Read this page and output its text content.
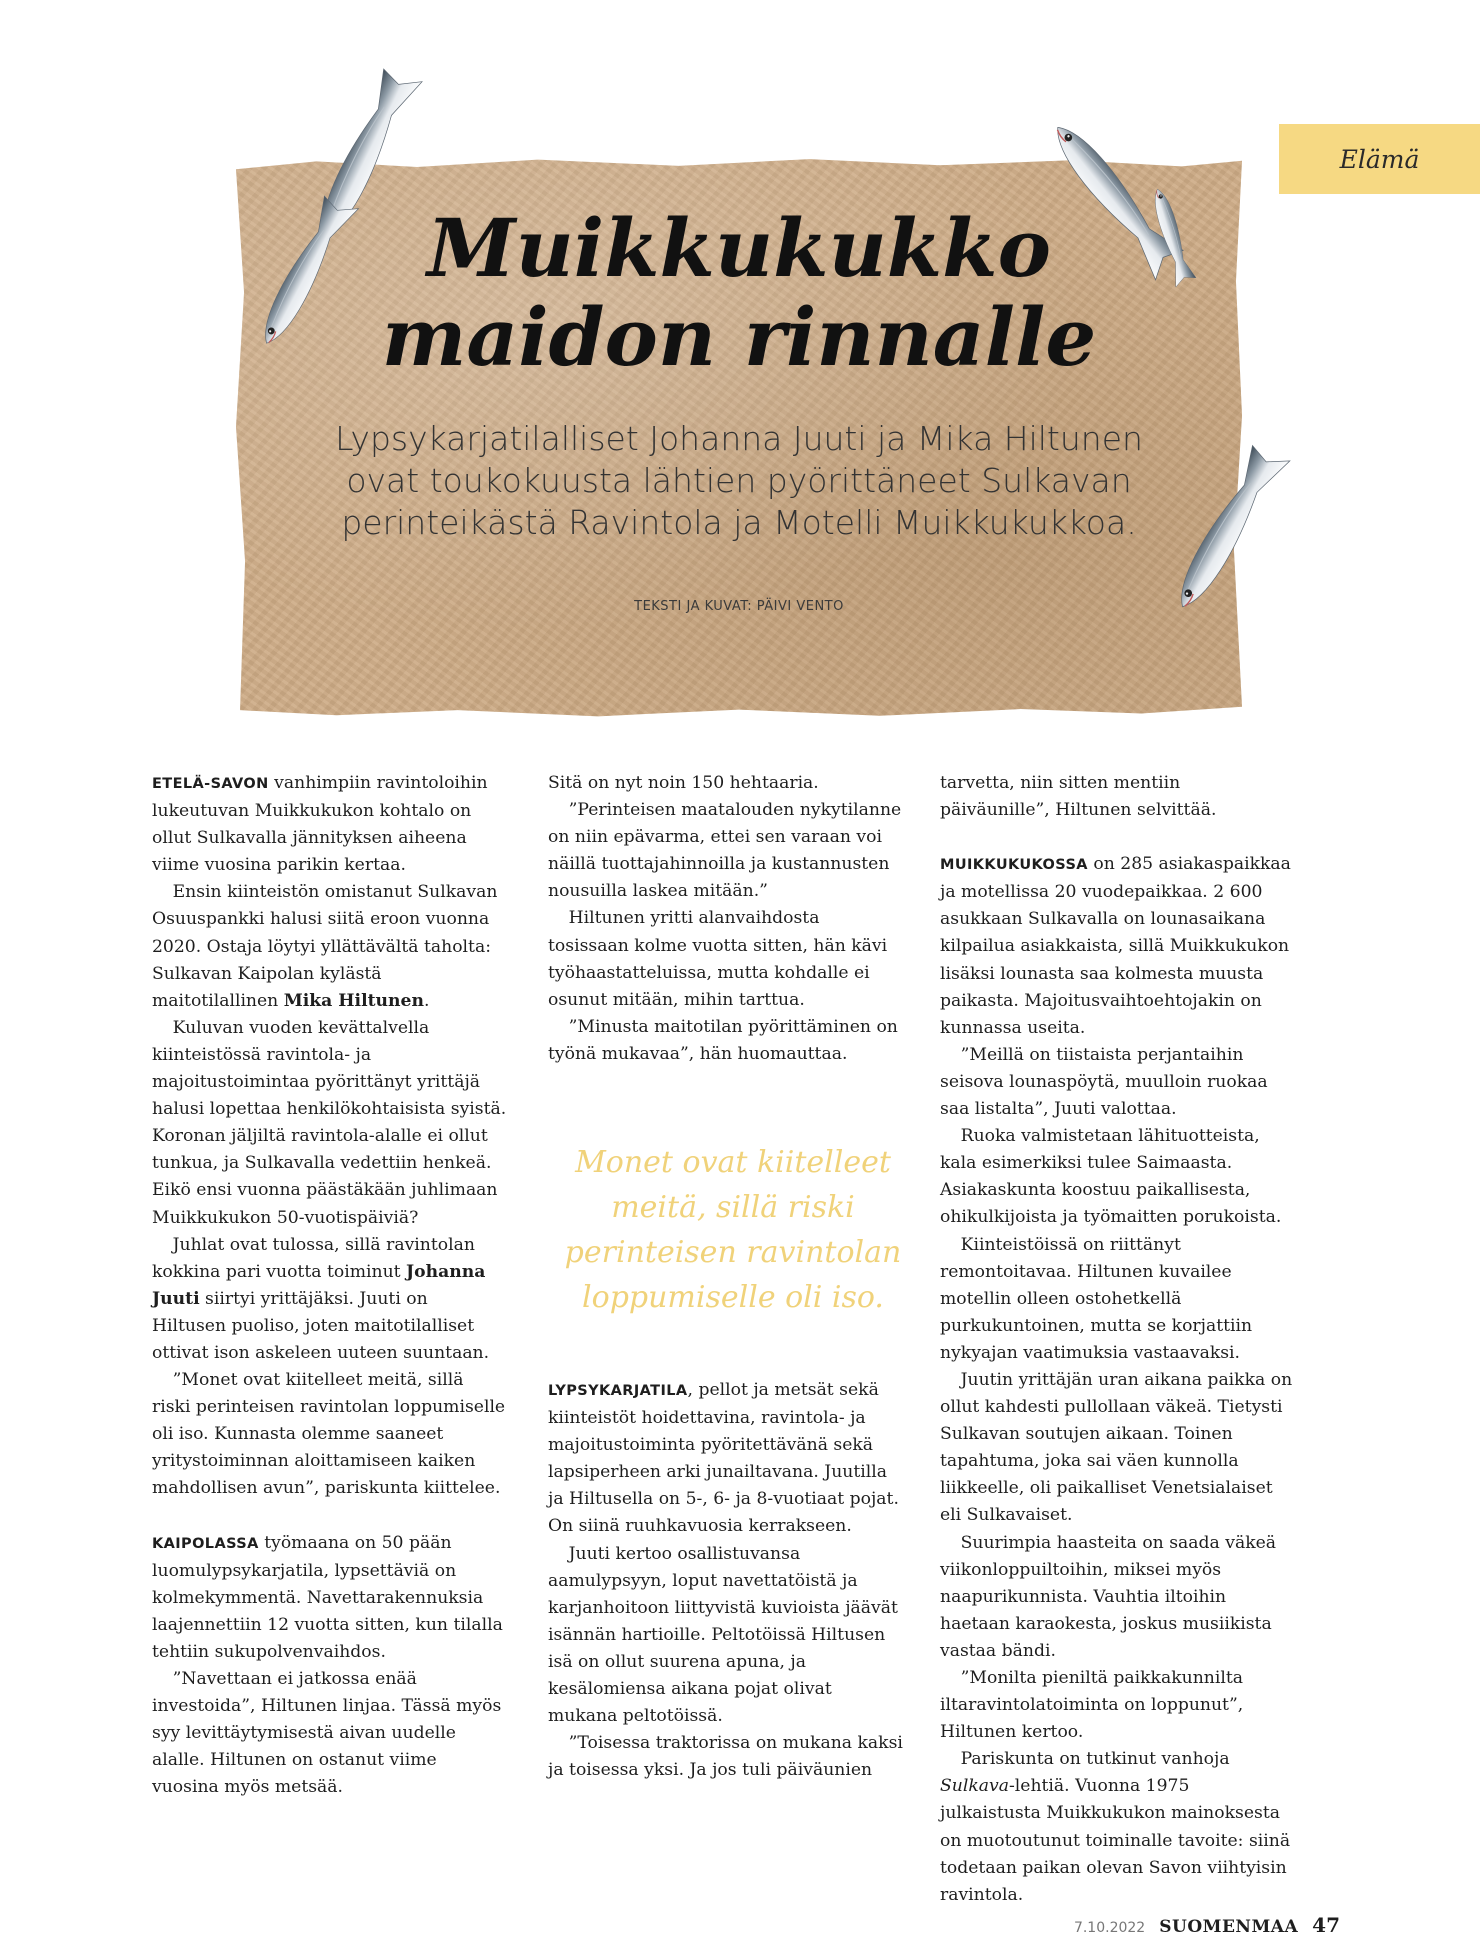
Elämä
Muikkukukko
maidon rinnalle

Lypsykarjatilalliset Johanna Juuti ja Mika Hiltunen
ovat toukokuusta lähtien pyörittäneet Sulkavan
perinteikästä Ravintola ja Motelli Muikkukukkoa.

TEKSTI JA KUVAT: PÄIVI VENTO

ETELÄ-SAVON vanhimpiin ravintoloihin lukeutuvan Muikkukukon kohtalo on ollut Sulkavalla jännityksen aiheena viime vuosina parikin kertaa.

Ensin kiinteistön omistanut Sulkavan Osuuspankki halusi siitä eroon vuonna 2020. Ostaja löytyi yllättävältä taholta: Sulkavan Kaipolan kylästä maitotilallinen Mika Hiltunen.

Kuluvan vuoden kevättalvella kiinteistössä ravintola- ja majoitustoimintaa pyörittänyt yrittäjä halusi lopettaa henkilökohtaisista syistä. Koronan jäljiltä ravintola-alalle ei ollut tunkua, ja Sulkavalla vedettiin henkeä. Eikö ensi vuonna päästäkään juhlimaan Muikkukukon 50-vuotispäiviä?

Juhlat ovat tulossa, sillä ravintolan kokkina pari vuotta toiminut Johanna Juuti siirtyi yrittäjäksi. Juuti on Hiltusen puoliso, joten maitotilalliset ottivat ison askeleen uuteen suuntaan.

”Monet ovat kiitelleet meitä, sillä riski perinteisen ravintolan loppumiselle oli iso. Kunnasta olemme saaneet yritystoiminnan aloittamiseen kaiken mahdollisen avun”, pariskunta kiittelee.

KAIPOLASSA työmaana on 50 pään luomulypsykarjatila, lypsettäviä on kolmekymmentä. Navettarakennuksia laajennettiin 12 vuotta sitten, kun tilalla tehtiin sukupolvenvaihdos.

”Navettaan ei jatkossa enää investoida”, Hiltunen linjaa. Tässä myös syy levittäytymisestä aivan uudelle alalle. Hiltunen on ostanut viime vuosina myös metsää.

Sitä on nyt noin 150 hehtaaria.

”Perinteisen maatalouden nykytilanne on niin epävarma, ettei sen varaan voi näillä tuottajahinnoilla ja kustannusten nousuilla laskea mitään.”

Hiltunen yritti alanvaihdosta tosissaan kolme vuotta sitten, hän kävi työhaastatteluissa, mutta kohdalle ei osunut mitään, mihin tarttua.

”Minusta maitotilan pyörittäminen on työnä mukavaa”, hän huomauttaa.

Monet ovat kiitelleet
meitä, sillä riski
perinteisen ravintolan
loppumiselle oli iso.

LYPSYKARJATILA, pellot ja metsät sekä kiinteistöt hoidettavina, ravintola- ja majoitustoiminta pyöritettävänä sekä lapsiperheen arki junailtavana. Juutilla ja Hiltusella on 5-, 6- ja 8-vuotiaat pojat. On siinä ruuhkavuosia kerrakseen.

Juuti kertoo osallistuvansa aamulypsyyn, loput navettatöistä ja karjanhoitoon liittyvistä kuvioista jäävät isännän hartioille. Peltotöissä Hiltusen isä on ollut suurena apuna, ja kesälomiensa aikana pojat olivat mukana peltotöissä.

”Toisessa traktorissa on mukana kaksi ja toisessa yksi. Ja jos tuli päiväunien

tarvetta, niin sitten mentiin päiväunille”, Hiltunen selvittää.

MUIKKUKUKOSSA on 285 asiakaspaikkaa ja motellissa 20 vuodepaikkaa. 2 600 asukkaan Sulkavalla on lounasaikana kilpailua asiakkaista, sillä Muikkukukon lisäksi lounasta saa kolmesta muusta paikasta. Majoitusvaihtoehtojakin on kunnassa useita.

”Meillä on tiistaista perjantaihin seisova lounaspöytä, muulloin ruokaa saa listalta”, Juuti valottaa.

Ruoka valmistetaan lähituotteista, kala esimerkiksi tulee Saimaasta. Asiakaskunta koostuu paikallisesta, ohikulkijoista ja työmaitten porukoista.

Kiinteistöissä on riittänyt remontoitavaa. Hiltunen kuvailee motellin olleen ostohetkellä purkukuntoinen, mutta se korjattiin nykyajan vaatimuksia vastaavaksi.

Juutin yrittäjän uran aikana paikka on ollut kahdesti pullollaan väkeä. Tietysti Sulkavan soutujen aikaan. Toinen tapahtuma, joka sai väen kunnolla liikkeelle, oli paikalliset Venetsialaiset eli Sulkavaiset.

Suurimpia haasteita on saada väkeä viikonloppuiltoihin, miksei myös naapurikunnista. Vauhtia iltoihin haetaan karaokesta, joskus musiikista vastaa bändi.

”Monilta pieniltä paikkakunnilta iltaravintolatoiminta on loppunut”, Hiltunen kertoo.

Pariskunta on tutkinut vanhoja Sulkava-lehtiä. Vuonna 1975 julkaistusta Muikkukukon mainoksesta on muotoutunut toiminalle tavoite: siinä todetaan paikan olevan Savon viihtyisin ravintola.

7.10.2022 SUOMENMAA 47
